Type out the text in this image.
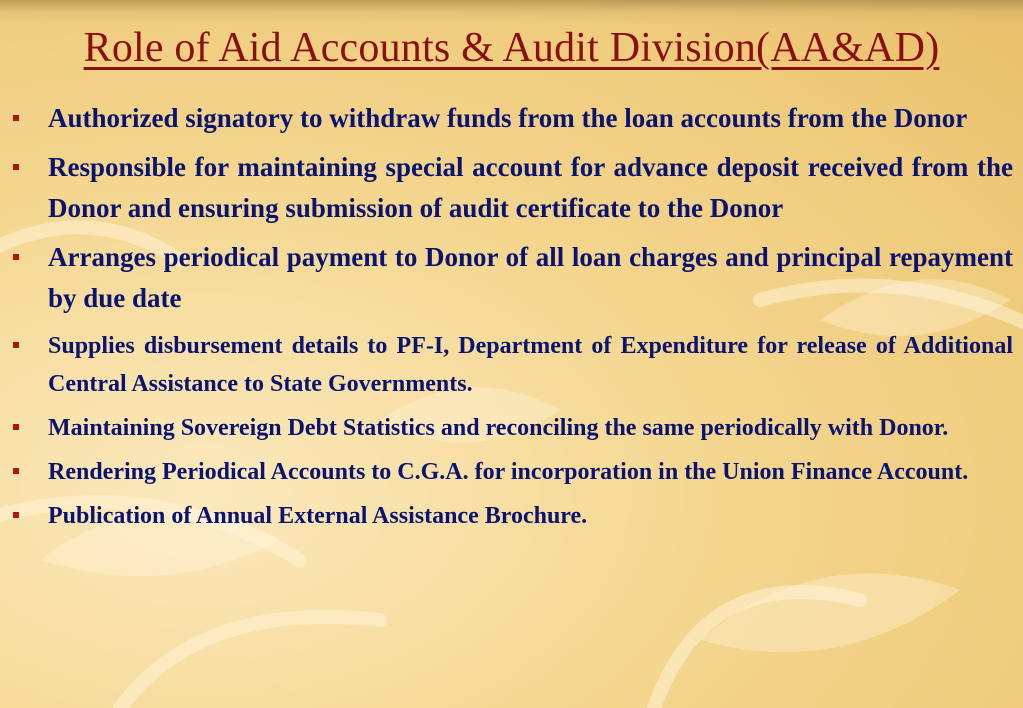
Role of Aid Accounts & Audit Division(AA&AD)
Authorized signatory to withdraw funds from the loan accounts from the Donor
Responsible for maintaining special account for advance deposit received from the Donor and ensuring submission of audit certificate to the Donor
Arranges periodical payment to Donor of all loan charges and principal repayment by due date
Supplies disbursement details to PF-I, Department of Expenditure for release of Additional Central Assistance to State Governments.
Maintaining Sovereign Debt Statistics and reconciling the same periodically with Donor.
Rendering Periodical Accounts to C.G.A. for incorporation in the Union Finance Account.
Publication of Annual External Assistance Brochure.
